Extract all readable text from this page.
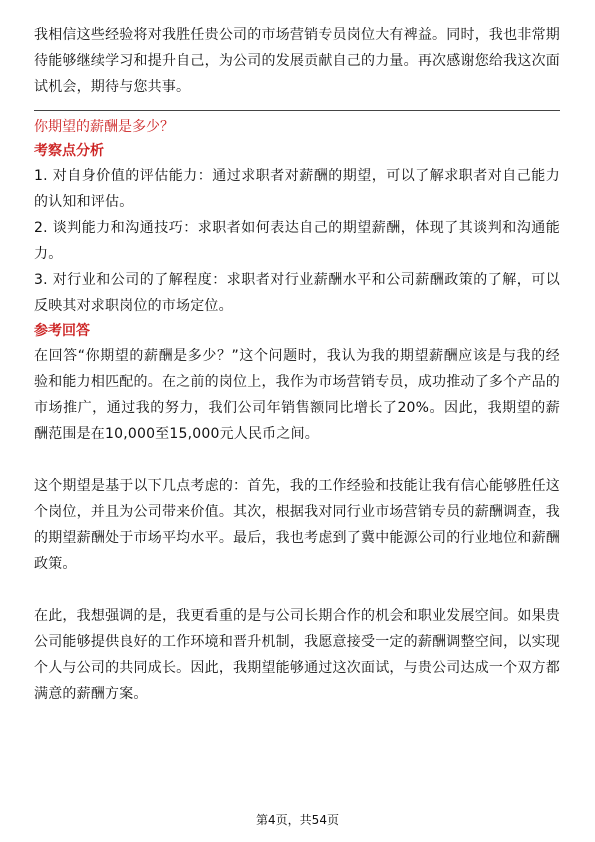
我相信这些经验将对我胜任贵公司的市场营销专员岗位大有裨益。同时，我也非常期待能够继续学习和提升自己，为公司的发展贡献自己的力量。再次感谢您给我这次面试机会，期待与您共事。

你期望的薪酬是多少？
考察点分析

1. 对自身价值的评估能力：通过求职者对薪酬的期望，可以了解求职者对自己能力的认知和评估。

2. 谈判能力和沟通技巧：求职者如何表达自己的期望薪酬，体现了其谈判和沟通能力。

3. 对行业和公司的了解程度：求职者对行业薪酬水平和公司薪酬政策的了解，可以反映其对求职岗位的市场定位。

参考回答

在回答“你期望的薪酬是多少？”这个问题时，我认为我的期望薪酬应该是与我的经验和能力相匹配的。在之前的岗位上，我作为市场营销专员，成功推动了多个产品的市场推广，通过我的努力，我们公司年销售额同比增长了20%。因此，我期望的薪酬范围是在10,000至15,000元人民币之间。

这个期望是基于以下几点考虑的：首先，我的工作经验和技能让我有信心能够胜任这个岗位，并且为公司带来价值。其次，根据我对同行业市场营销专员的薪酬调查，我的期望薪酬处于市场平均水平。最后，我也考虑到了冀中能源公司的行业地位和薪酬政策。

在此，我想强调的是，我更看重的是与公司长期合作的机会和职业发展空间。如果贵公司能够提供良好的工作环境和晋升机制，我愿意接受一定的薪酬调整空间，以实现个人与公司的共同成长。因此，我期望能够通过这次面试，与贵公司达成一个双方都满意的薪酬方案。

第4页，共54页
